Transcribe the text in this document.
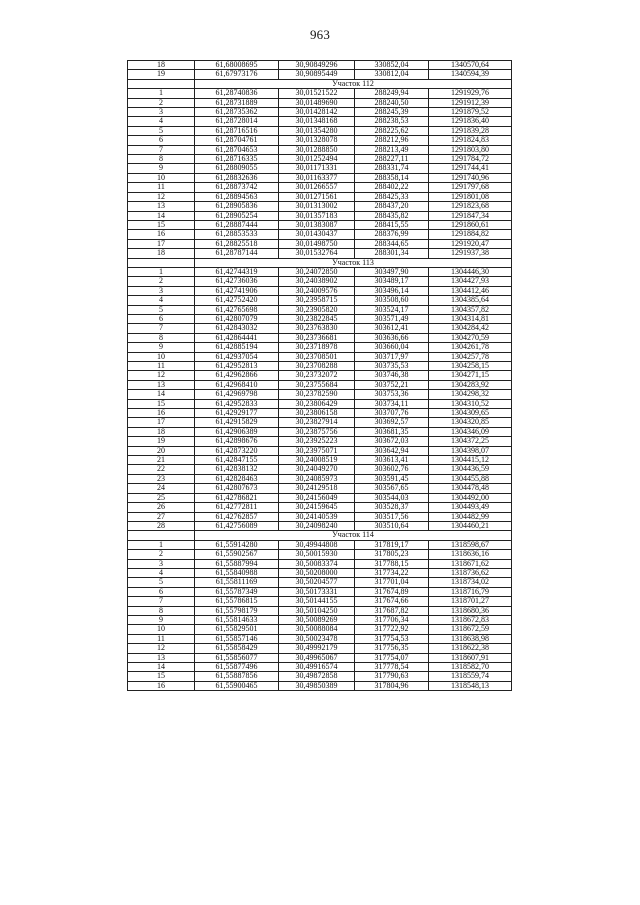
963
18	61,68008695	30,90849296	330852,04	1340570,64
19	61,67973176	30,90895449	330812,04	1340594,39
	Участок 112			
1	61,28740836	30,01521522	288249,94	1291929,76
2	61,28731889	30,01489690	288240,50	1291912,39
3	61,28735362	30,01428142	288245,39	1291879,52
4	61,28728014	30,01348168	288238,53	1291836,40
5	61,28716516	30,01354280	288225,62	1291839,28
6	61,28704761	30,01328078	288212,96	1291824,83
7	61,28704653	30,01288850	288213,49	1291803,80
8	61,28716335	30,01252494	288227,11	1291784,72
9	61,28809055	30,01171331	288331,74	1291744,41
10	61,28832636	30,01163377	288358,14	1291740,96
11	61,28873742	30,01266557	288402,22	1291797,68
12	61,28894563	30,01271561	288425,33	1291801,08
13	61,28905836	30,01313002	288437,20	1291823,68
14	61,28905254	30,01357183	288435,82	1291847,34
15	61,28887444	30,01383087	288415,55	1291860,61
16	61,28853533	30,01430437	288376,99	1291884,82
17	61,28825518	30,01498750	288344,65	1291920,47
18	61,28787144	30,01532764	288301,34	1291937,38
	Участок 113			
1	61,42744319	30,24072850	303497,90	1304446,30
2	61,42736036	30,24038902	303489,17	1304427,93
3	61,42741906	30,24009576	303496,14	1304412,46
4	61,42752420	30,23958715	303508,60	1304385,64
5	61,42765698	30,23905820	303524,17	1304357,82
6	61,42807079	30,23822845	303571,49	1304314,81
7	61,42843032	30,23763830	303612,41	1304284,42
8	61,42864441	30,23736681	303636,66	1304270,59
9	61,42885194	30,23718978	303660,04	1304261,78
10	61,42937054	30,23708501	303717,97	1304257,78
11	61,42952813	30,23708288	303735,53	1304258,15
12	61,42962866	30,23732072	303746,38	1304271,15
13	61,42968410	30,23755684	303752,21	1304283,92
14	61,42969798	30,23782590	303753,36	1304298,32
15	61,42952833	30,23806429	303734,11	1304310,52
16	61,42929177	30,23806158	303707,76	1304309,65
17	61,42915829	30,23827914	303692,57	1304320,85
18	61,42906389	30,23875756	303681,35	1304346,09
19	61,42898676	30,23925223	303672,03	1304372,25
20	61,42873220	30,23975071	303642,94	1304398,07
21	61,42847155	30,24008519	303613,41	1304415,12
22	61,42838132	30,24049270	303602,76	1304436,59
23	61,42828463	30,24085973	303591,45	1304455,88
24	61,42807673	30,24129518	303567,65	1304478,48
25	61,42786821	30,24156049	303544,03	1304492,00
26	61,42772811	30,24159645	303528,37	1304493,49
27	61,42762857	30,24140539	303517,56	1304482,99
28	61,42756089	30,24098240	303510,64	1304460,21
	Участок 114			
1	61,55914280	30,49944808	317819,17	1318598,67
2	61,55902567	30,50015930	317805,23	1318636,16
3	61,55887994	30,50083374	317788,15	1318671,62
4	61,55840988	30,50208000	317734,22	1318736,62
5	61,55811169	30,50204577	317701,04	1318734,02
6	61,55787349	30,50173331	317674,89	1318716,79
7	61,55786815	30,50144155	317674,66	1318701,27
8	61,55798179	30,50104250	317687,82	1318680,36
9	61,55814633	30,50089269	317706,34	1318672,83
10	61,55829501	30,50088084	317722,92	1318672,59
11	61,55857146	30,50023478	317754,53	1318638,98
12	61,55858429	30,49992179	317756,35	1318622,38
13	61,55856077	30,49965067	317754,07	1318607,91
14	61,55877496	30,49916574	317778,54	1318582,70
15	61,55887856	30,49872858	317790,63	1318559,74
16	61,55900465	30,49850389	317804,96	1318548,13
